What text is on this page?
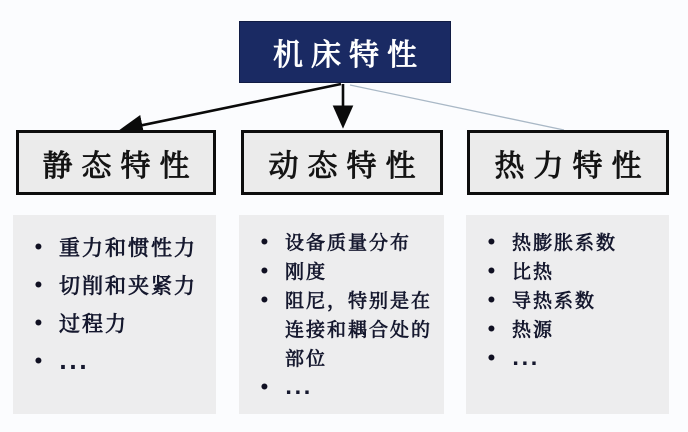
机床特性
静态特性	动态特性	热力特性
• 重力和惯性力
• 切削和夹紧力
• 过程力
• ...
• 设备质量分布
• 刚度
• 阻尼，特别是在连接和耦合处的部位
• ...
• 热膨胀系数
• 比热
• 导热系数
• 热源
• ...
